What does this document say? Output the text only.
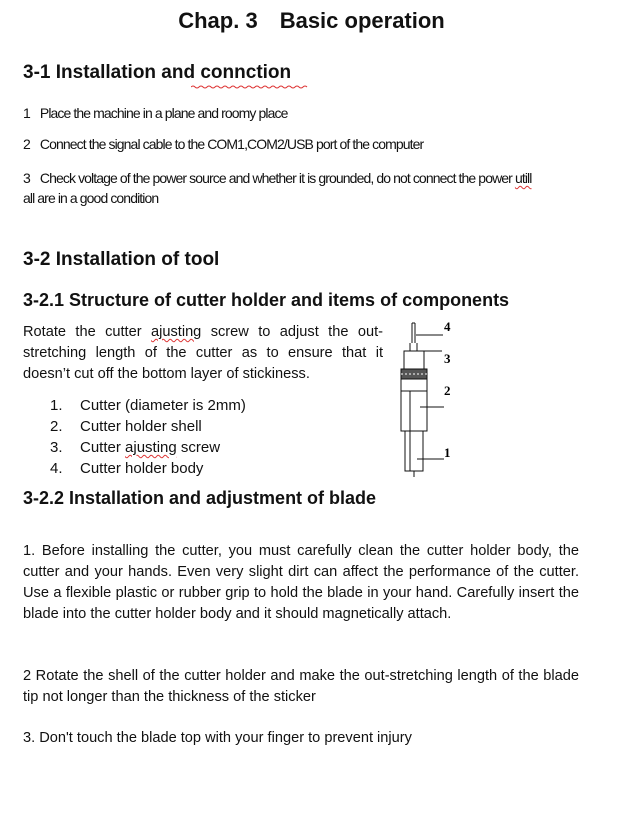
Chap. 3 Basic operation
3-1 Installation and connction
1 Place the machine in a plane and roomy place
2 Connect the signal cable to the COM1,COM2/USB port of the computer
3 Check voltage of the power source and whether it is grounded, do not connect the power utill
all are in a good condition
3-2 Installation of tool
3-2.1 Structure of cutter holder and items of components
Rotate the cutter ajusting screw to adjust the out-stretching length of the cutter as to ensure that it doesn’t cut off the bottom layer of stickiness.
1.	Cutter (diameter is 2mm)
2.	Cutter holder shell
3.	Cutter ajusting screw
4.	Cutter holder body
4
3
2
1
3-2.2 Installation and adjustment of blade
1. Before installing the cutter, you must carefully clean the cutter holder body, the cutter and your hands. Even very slight dirt can affect the performance of the cutter. Use a flexible plastic or rubber grip to hold the blade in your hand. Carefully insert the blade into the cutter holder body and it should magnetically attach.
2 Rotate the shell of the cutter holder and make the out-stretching length of the blade tip not longer than the thickness of the sticker
3. Don't touch the blade top with your finger to prevent injury
